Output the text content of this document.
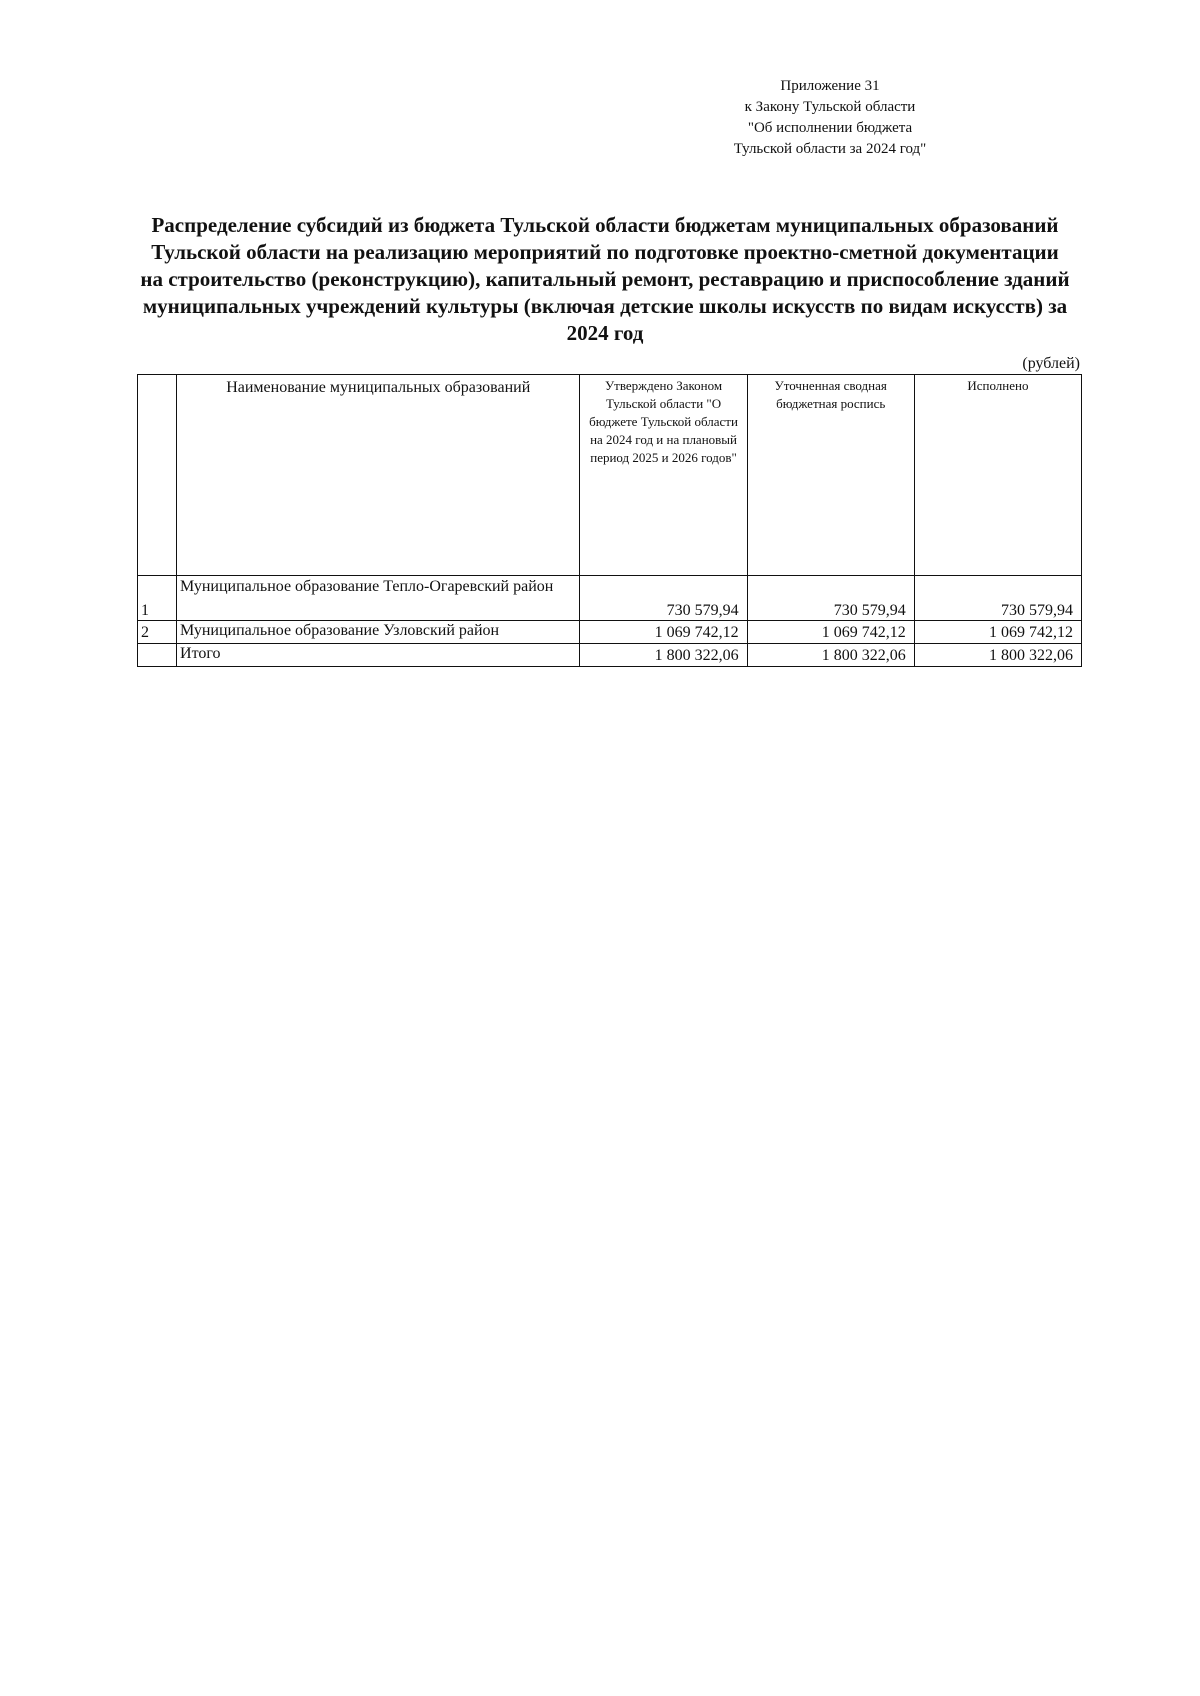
Приложение 31
к Закону Тульской области
"Об исполнении бюджета
Тульской области за 2024 год"
Распределение субсидий из бюджета Тульской области бюджетам муниципальных образований
Тульской области на реализацию мероприятий по подготовке проектно-сметной документации
на строительство (реконструкцию), капитальный ремонт, реставрацию и приспособление зданий
муниципальных учреждений культуры (включая детские школы искусств по видам искусств) за
2024 год
(рублей)
	Наименование муниципальных образований	Утверждено Законом Тульской области "О бюджете Тульской области на 2024 год и на плановый период 2025 и 2026 годов"	Уточненная сводная бюджетная роспись	Исполнено
1	Муниципальное образование Тепло-Огаревский район	730 579,94	730 579,94	730 579,94
2	Муниципальное образование Узловский район	1 069 742,12	1 069 742,12	1 069 742,12
	Итого	1 800 322,06	1 800 322,06	1 800 322,06
